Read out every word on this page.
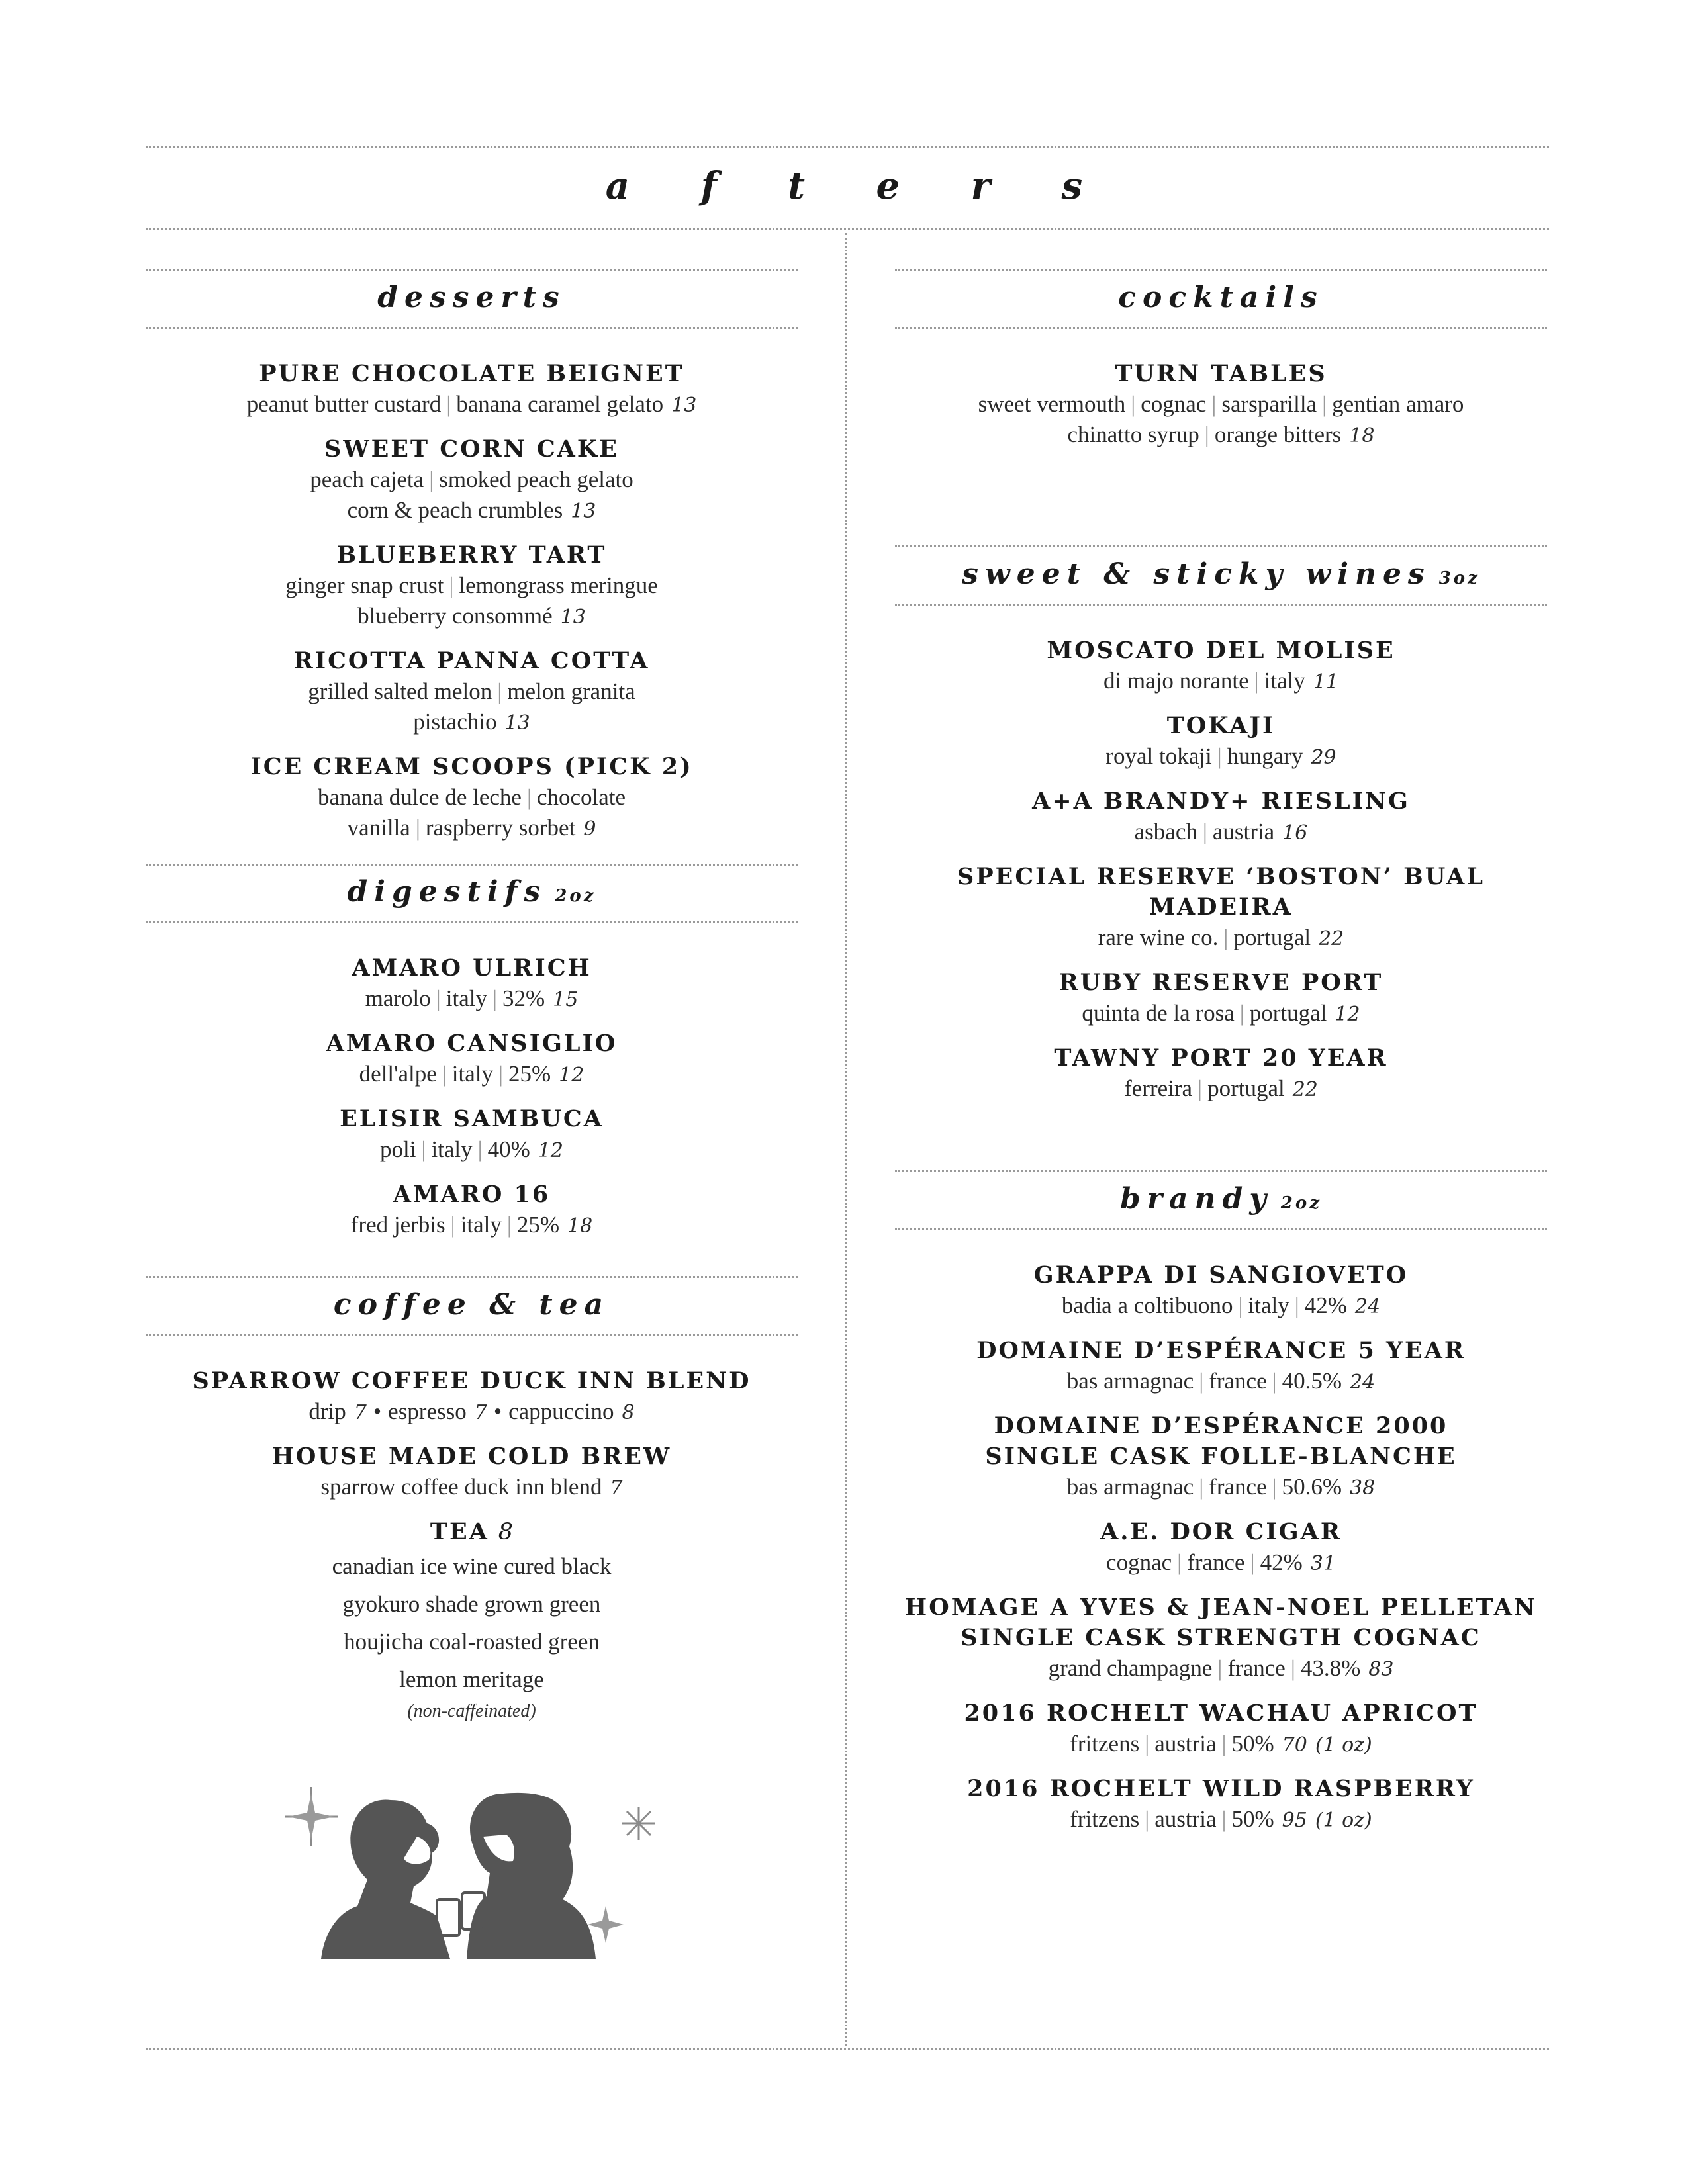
a f t e r s
desserts
PURE CHOCOLATE BEIGNET
peanut butter custard | banana caramel gelato 13
SWEET CORN CAKE
peach cajeta | smoked peach gelato
corn & peach crumbles 13
BLUEBERRY TART
ginger snap crust | lemongrass meringue
blueberry consommé 13
RICOTTA PANNA COTTA
grilled salted melon | melon granita
pistachio 13
ICE CREAM SCOOPS (PICK 2)
banana dulce de leche | chocolate
vanilla | raspberry sorbet 9
digestifs 2oz
AMARO ULRICH
marolo | italy | 32% 15
AMARO CANSIGLIO
dell'alpe | italy | 25% 12
ELISIR SAMBUCA
poli | italy | 40% 12
AMARO 16
fred jerbis | italy | 25% 18
coffee & tea
SPARROW COFFEE DUCK INN BLEND
drip 7 • espresso 7 • cappuccino 8
HOUSE MADE COLD BREW
sparrow coffee duck inn blend 7
TEA 8
canadian ice wine cured black
gyokuro shade grown green
houjicha coal-roasted green
lemon meritage
(non-caffeinated)
cocktails
TURN TABLES
sweet vermouth | cognac | sarsparilla | gentian amaro
chinatto syrup | orange bitters 18
sweet & sticky wines 3oz
MOSCATO DEL MOLISE
di majo norante | italy 11
TOKAJI
royal tokaji | hungary 29
A+A BRANDY+ RIESLING
asbach | austria 16
SPECIAL RESERVE ‘BOSTON’ BUAL MADEIRA
rare wine co. | portugal 22
RUBY RESERVE PORT
quinta de la rosa | portugal 12
TAWNY PORT 20 YEAR
ferreira | portugal 22
brandy 2oz
GRAPPA DI SANGIOVETO
badia a coltibuono | italy | 42% 24
DOMAINE D’ESPÉRANCE 5 YEAR
bas armagnac | france | 40.5% 24
DOMAINE D’ESPÉRANCE 2000
SINGLE CASK FOLLE-BLANCHE
bas armagnac | france | 50.6% 38
A.E. DOR CIGAR
cognac | france | 42% 31
HOMAGE A YVES & JEAN-NOEL PELLETAN
SINGLE CASK STRENGTH COGNAC
grand champagne | france | 43.8% 83
2016 ROCHELT WACHAU APRICOT
fritzens | austria | 50% 70 (1 oz)
2016 ROCHELT WILD RASPBERRY
fritzens | austria | 50% 95 (1 oz)
